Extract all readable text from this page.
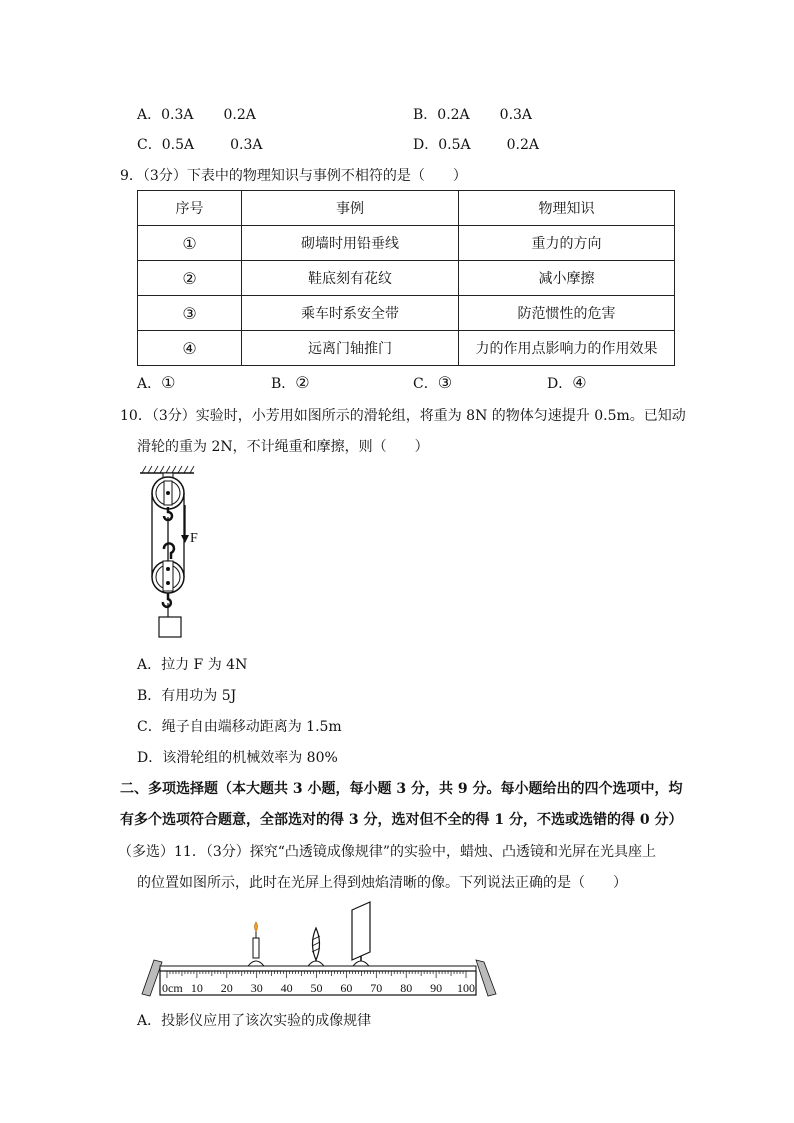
A．0.3A 0.2A	B．0.2A 0.3A
C．0.5A	0.3A	D．0.5A	0.2A
9．（3分）下表中的物理知识与事例不相符的是（　　）
序号	事例	物理知识
①	砌墙时用铅垂线	重力的方向
②	鞋底刻有花纹	减小摩擦
③	乘车时系安全带	防范惯性的危害
④	远离门轴推门	力的作用点影响力的作用效果
A．①	B．②	C．③	D．④
10．（3分）实验时，小芳用如图所示的滑轮组，将重为 8N 的物体匀速提升 0.5m。已知动
滑轮的重为 2N，不计绳重和摩擦，则（　　）
F
A．拉力 F 为 4N
B．有用功为 5J
C．绳子自由端移动距离为 1.5m
D．该滑轮组的机械效率为 80%
二、多项选择题（本大题共 3 小题，每小题 3 分，共 9 分。每小题给出的四个选项中，均
有多个选项符合题意，全部选对的得 3 分，选对但不全的得 1 分，不选或选错的得 0 分）
（多选）11．（3分）探究“凸透镜成像规律”的实验中，蜡烛、凸透镜和光屏在光具座上
的位置如图所示，此时在光屏上得到烛焰清晰的像。下列说法正确的是（　　）
0cm 10 20 30 40 50 60 70 80 90 100
A．投影仪应用了该次实验的成像规律
